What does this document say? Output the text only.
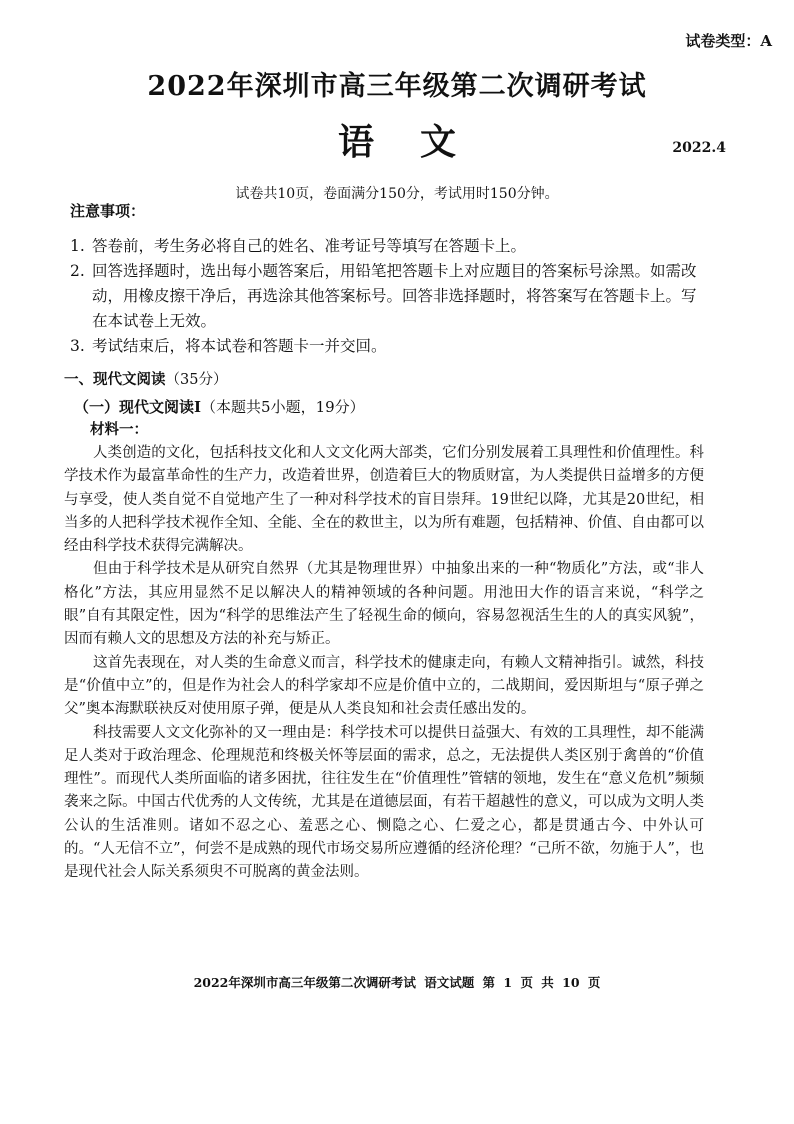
试卷类型：A
2022年深圳市高三年级第二次调研考试
语文	2022.4
试卷共10页，卷面满分150分，考试用时150分钟。
注意事项：
1. 答卷前，考生务必将自己的姓名、准考证号等填写在答题卡上。
2. 回答选择题时，选出每小题答案后，用铅笔把答题卡上对应题目的答案标号涂黑。如需改动，用橡皮擦干净后，再选涂其他答案标号。回答非选择题时，将答案写在答题卡上。写在本试卷上无效。
3. 考试结束后，将本试卷和答题卡一并交回。
一、现代文阅读（35分）
（一）现代文阅读Ⅰ（本题共5小题，19分）
材料一：

人类创造的文化，包括科技文化和人文文化两大部类，它们分别发展着工具理性和价值理性。科学技术作为最富革命性的生产力，改造着世界，创造着巨大的物质财富，为人类提供日益增多的方便与享受，使人类自觉不自觉地产生了一种对科学技术的盲目崇拜。19世纪以降，尤其是20世纪，相当多的人把科学技术视作全知、全能、全在的救世主，以为所有难题，包括精神、价值、自由都可以经由科学技术获得完满解决。

但由于科学技术是从研究自然界（尤其是物理世界）中抽象出来的一种“物质化”方法，或“非人格化”方法，其应用显然不足以解决人的精神领域的各种问题。用池田大作的语言来说，“科学之眼”自有其限定性，因为“科学的思维法产生了轻视生命的倾向，容易忽视活生生的人的真实风貌”，因而有赖人文的思想及方法的补充与矫正。

这首先表现在，对人类的生命意义而言，科学技术的健康走向，有赖人文精神指引。诚然，科技是“价值中立”的，但是作为社会人的科学家却不应是价值中立的，二战期间，爱因斯坦与“原子弹之父”奥本海默联袂反对使用原子弹，便是从人类良知和社会责任感出发的。

科技需要人文文化弥补的又一理由是：科学技术可以提供日益强大、有效的工具理性，却不能满足人类对于政治理念、伦理规范和终极关怀等层面的需求，总之，无法提供人类区别于禽兽的“价值理性”。而现代人类所面临的诸多困扰，往往发生在“价值理性”管辖的领地，发生在“意义危机”频频袭来之际。中国古代优秀的人文传统，尤其是在道德层面，有若干超越性的意义，可以成为文明人类公认的生活准则。诸如不忍之心、羞恶之心、恻隐之心、仁爱之心，都是贯通古今、中外认可的。“人无信不立”，何尝不是成熟的现代市场交易所应遵循的经济伦理？“己所不欲，勿施于人”，也是现代社会人际关系须臾不可脱离的黄金法则。

2022年深圳市高三年级第二次调研考试 语文试题 第 1 页 共 10 页
